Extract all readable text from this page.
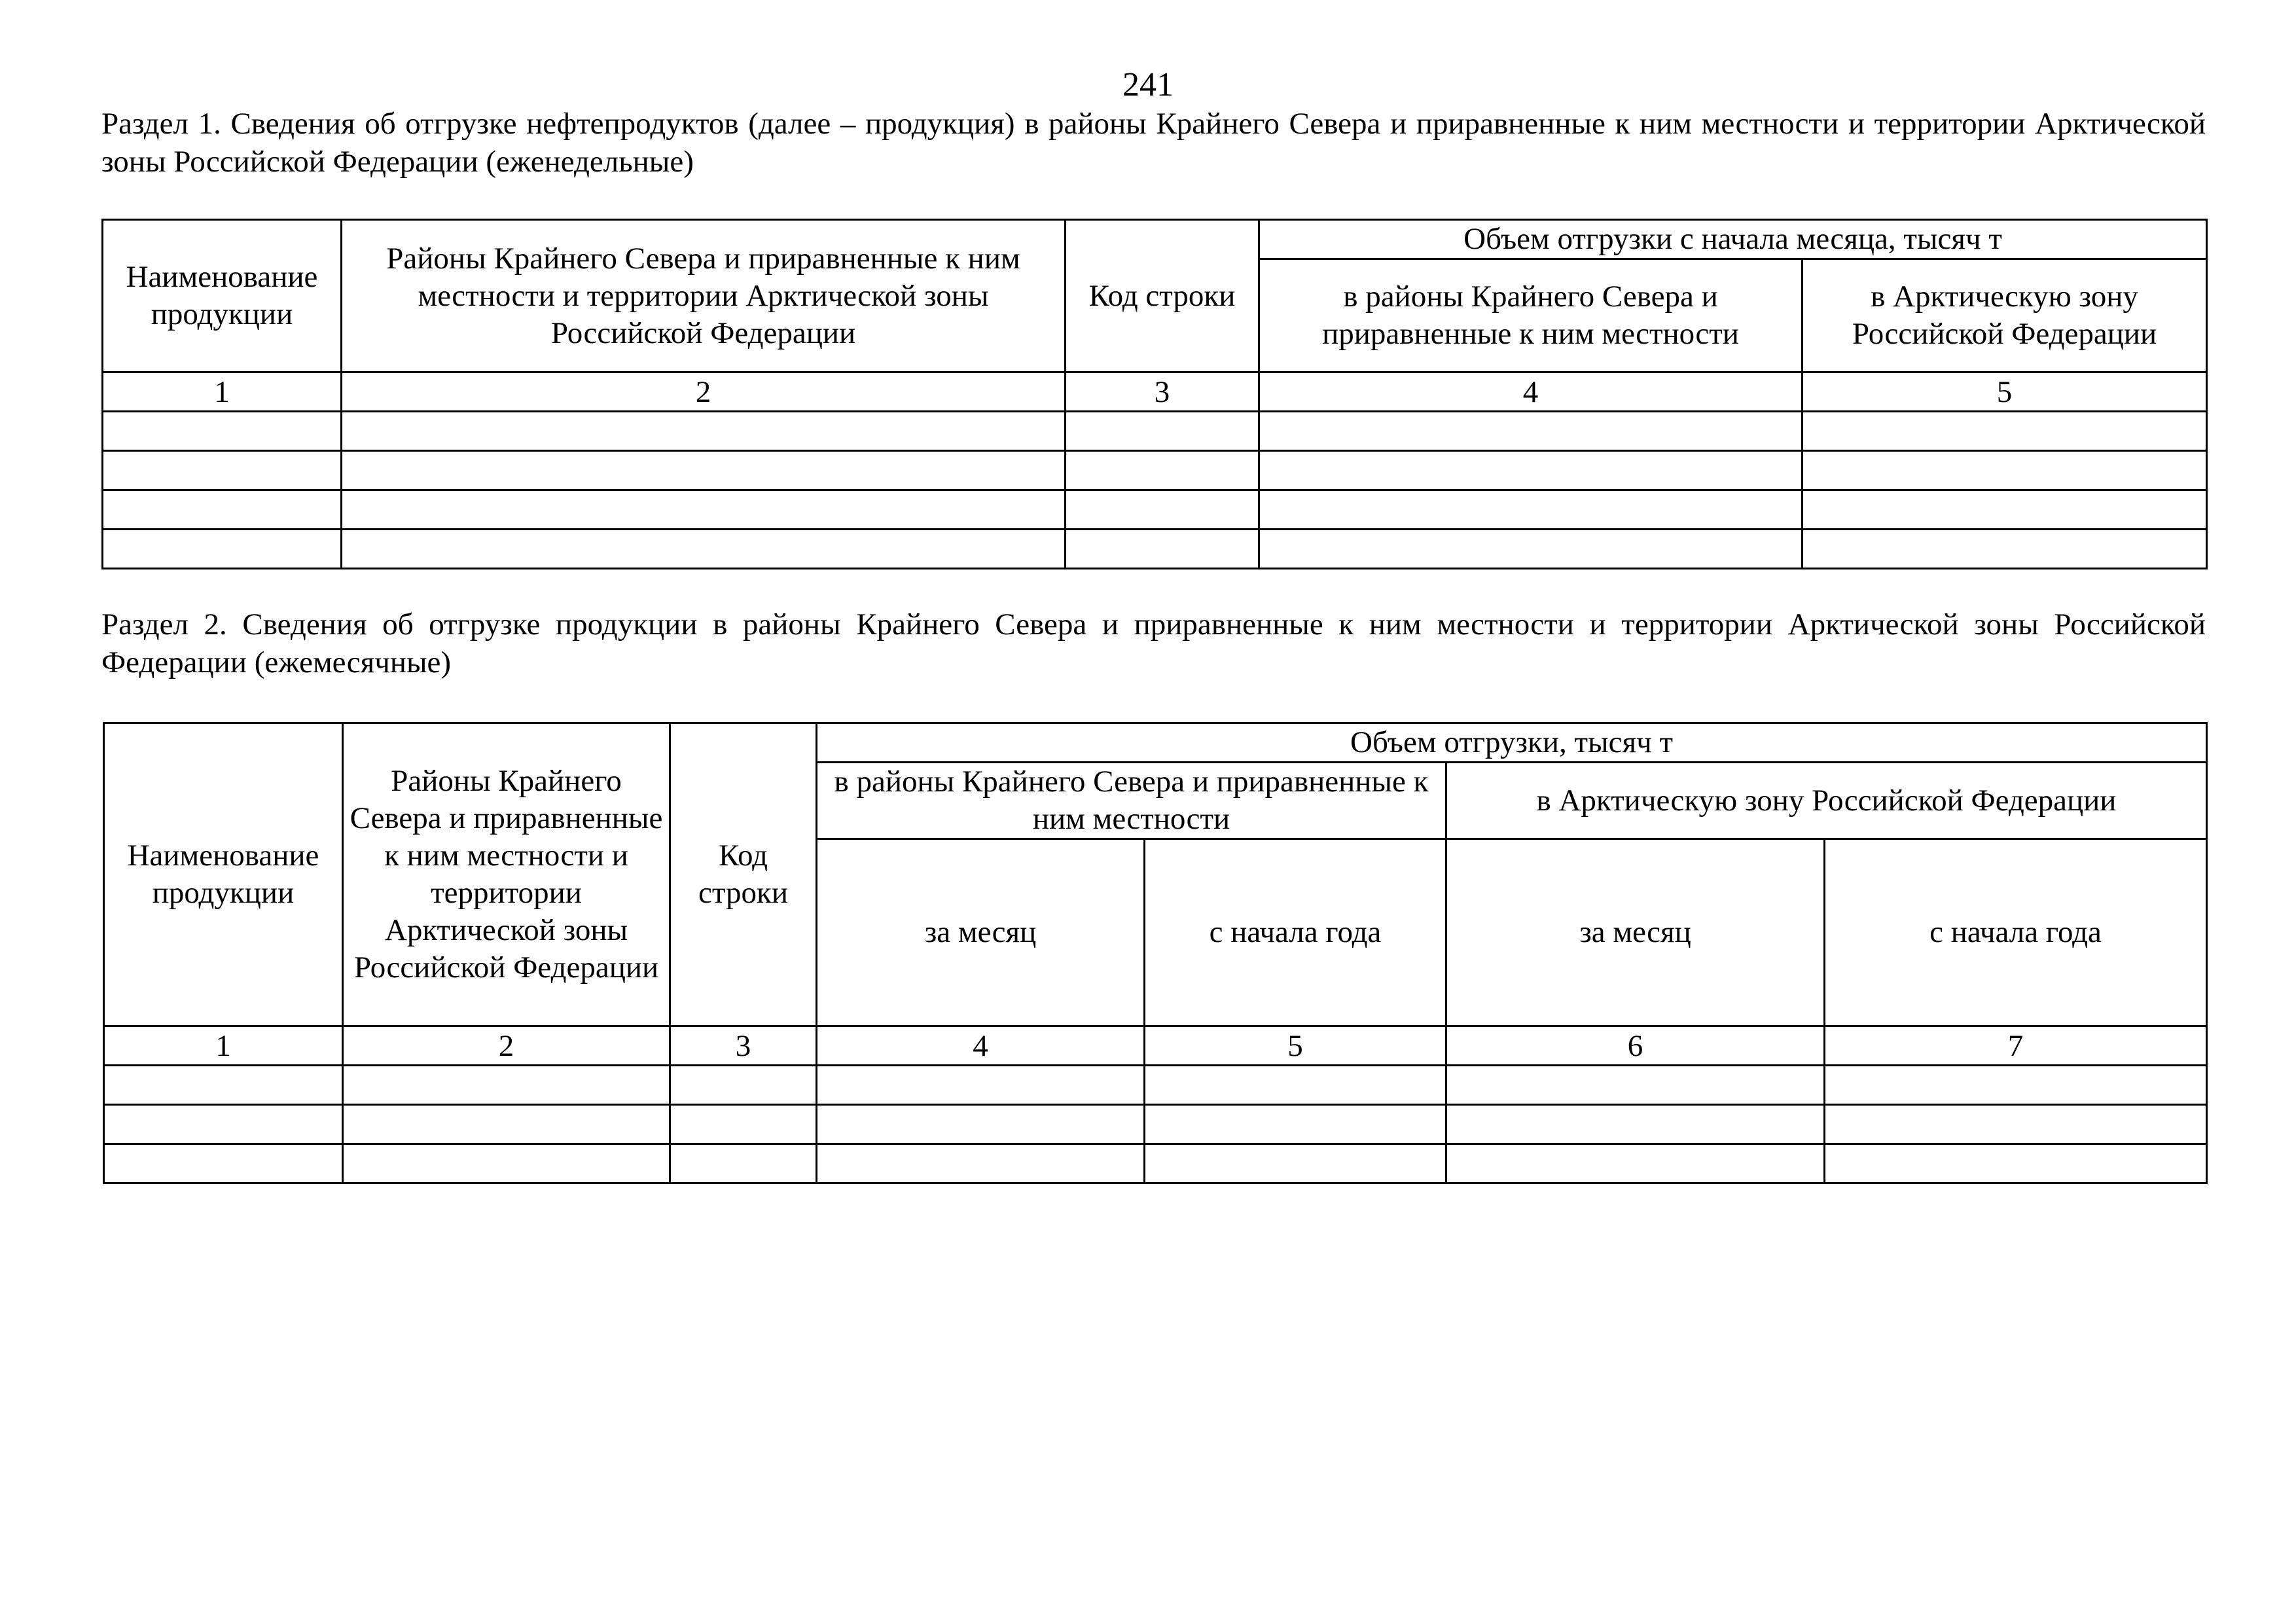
241
Раздел 1. Сведения об отгрузке нефтепродуктов (далее – продукция) в районы Крайнего Севера и приравненные к ним местности и территории Арктической зоны Российской Федерации (еженедельные)
Наименование продукции	Районы Крайнего Севера и приравненные к ним местности и территории Арктической зоны Российской Федерации	Код строки	Объем отгрузки с начала месяца, тысяч т	
			в районы Крайнего Севера и приравненные к ним местности	в Арктическую зону Российской Федерации
1	2	3	4	5

Раздел 2. Сведения об отгрузке продукции в районы Крайнего Севера и приравненные к ним местности и территории Арктической зоны Российской Федерации (ежемесячные)
Наименование продукции	Районы Крайнего Севера и приравненные к ним местности и территории Арктической зоны Российской Федерации	Код строки	Объем отгрузки, тысяч т			
			в районы Крайнего Севера и приравненные к ним местности		в Арктическую зону Российской Федерации	
			за месяц	с начала года	за месяц	с начала года
1	2	3	4	5	6	7
